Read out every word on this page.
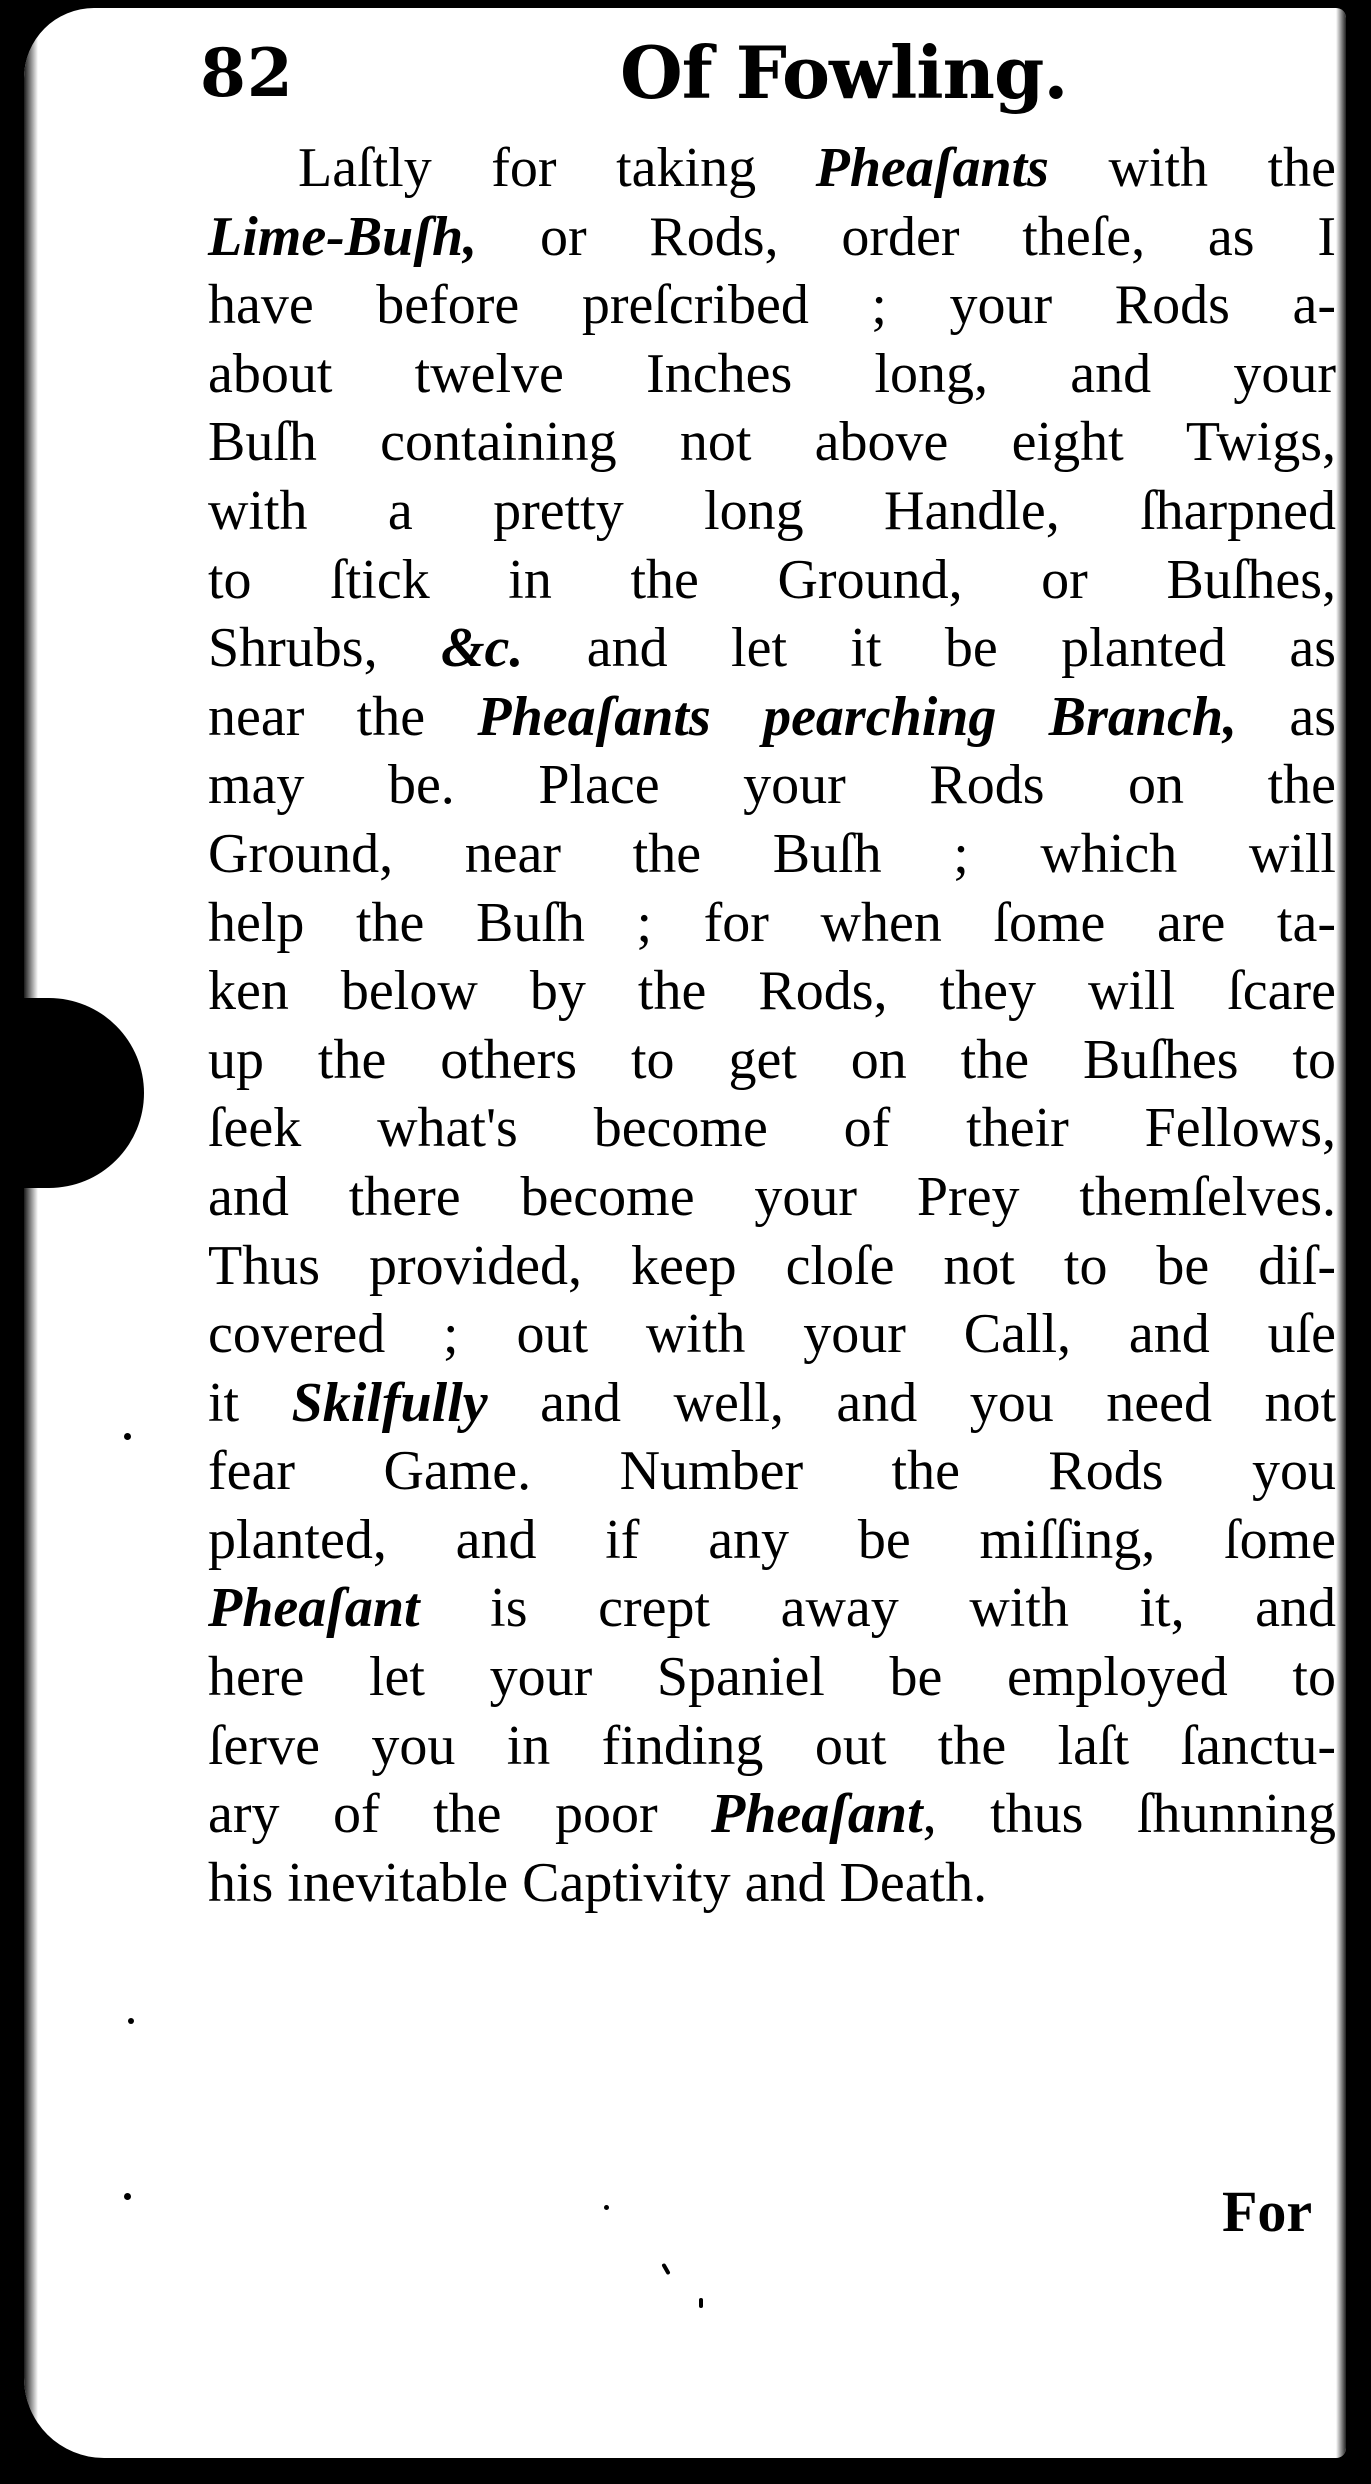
82	Of Fowling.
Laſtly for taking Pheaſants with the
Lime-Buſh, or Rods, order theſe, as I
have before preſcribed ; your Rods a-
about twelve Inches long, and your
Buſh containing not above eight Twigs,
with a pretty long Handle, ſharpned
to ſtick in the Ground, or Buſhes,
Shrubs, &c. and let it be planted as
near the Pheaſants pearching Branch, as
may be. Place your Rods on the
Ground, near the Buſh ; which will
help the Buſh ; for when ſome are ta-
ken below by the Rods, they will ſcare
up the others to get on the Buſhes to
ſeek what's become of their Fellows,
and there become your Prey themſelves.
Thus provided, keep cloſe not to be diſ-
covered ; out with your Call, and uſe
it Skilfully and well, and you need not
fear Game. Number the Rods you
planted, and if any be miſſing, ſome
Pheaſant is crept away with it, and
here let your Spaniel be employed to
ſerve you in finding out the laſt ſanctu-
ary of the poor Pheaſant, thus ſhunning
his inevitable Captivity and Death.
For
